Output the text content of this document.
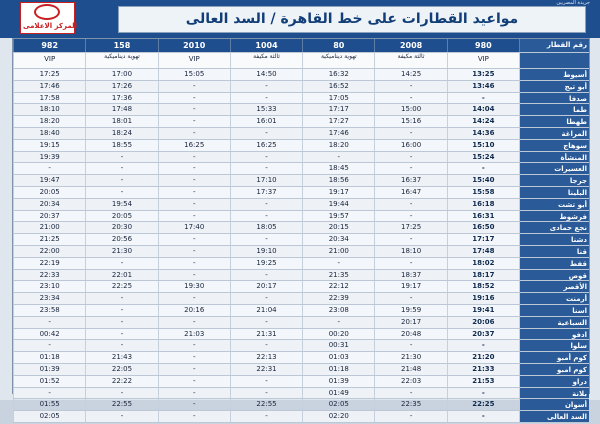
جريدة المصريين
المركز الاعلامى	مواعيد القطارات على خط القاهرة / السد العالى
رقم القطار
980
2008
80
1004
2010
158
982
VIP
ثالثة مكيفة
تهوية ديناميكية
ثالثة مكيفة
VIP
تهوية ديناميكية
VIP
أسيوط
13:25
14:25
16:32
14:50
15:05
17:00
17:25
أبو تيج
13:46
-
16:52
-
-
17:26
17:46
صدفا
-
-
17:05
-
-
17:36
17:58
طما
14:04
15:00
17:17
15:33
-
17:48
18:10
طهطا
14:24
15:16
17:27
16:01
-
18:01
18:20
المراغة
14:36
-
17:46
-
-
18:24
18:40
سوهاج
15:10
16:00
18:20
16:25
16:25
18:55
19:15
المنشأة
15:24
-
-
-
-
-
19:39
العسيرات
-
-
18:45
-
-
-
-
جرجا
15:40
16:37
18:56
17:10
-
-
19:47
البلينا
15:58
16:47
19:17
17:37
-
-
20:05
أبو تشت
16:18
-
19:44
-
-
19:54
20:34
فرشوط
16:31
-
19:57
-
-
20:05
20:37
نجع حمادى
16:50
17:25
20:15
18:05
17:40
20:30
21:00
دشنا
17:17
-
20:34
-
-
20:56
21:25
قنا
17:48
18:10
21:00
19:10
-
21:30
22:00
قفط
18:02
-
-
19:25
-
-
22:19
قوص
18:17
18:37
21:35
-
-
22:01
22:33
الأقصر
18:52
19:17
22:12
20:17
19:30
22:25
23:10
أرمنت
19:16
-
22:39
-
-
-
23:34
اسنا
19:41
19:59
23:08
21:04
20:16
-
23:58
السباعية
20:06
20:17
-
-
-
-
-
ادفو
20:37
20:48
00:20
21:31
21:03
-
00:42
سلوا
-
-
00:31
-
-
-
-
كوم أمبو
21:20
21:30
01:03
22:13
-
21:43
01:18
كوم امبو
21:33
21:48
01:18
22:31
-
22:05
01:39
دراو
21:53
22:03
01:39
-
-
22:22
01:52
بلانة
-
-
01:49
-
-
-
-
أسوان
22:25
22:35
02:05
22:55
-
22:55
01:55
السد العالى
-
-
02:20
-
-
-
02:05
